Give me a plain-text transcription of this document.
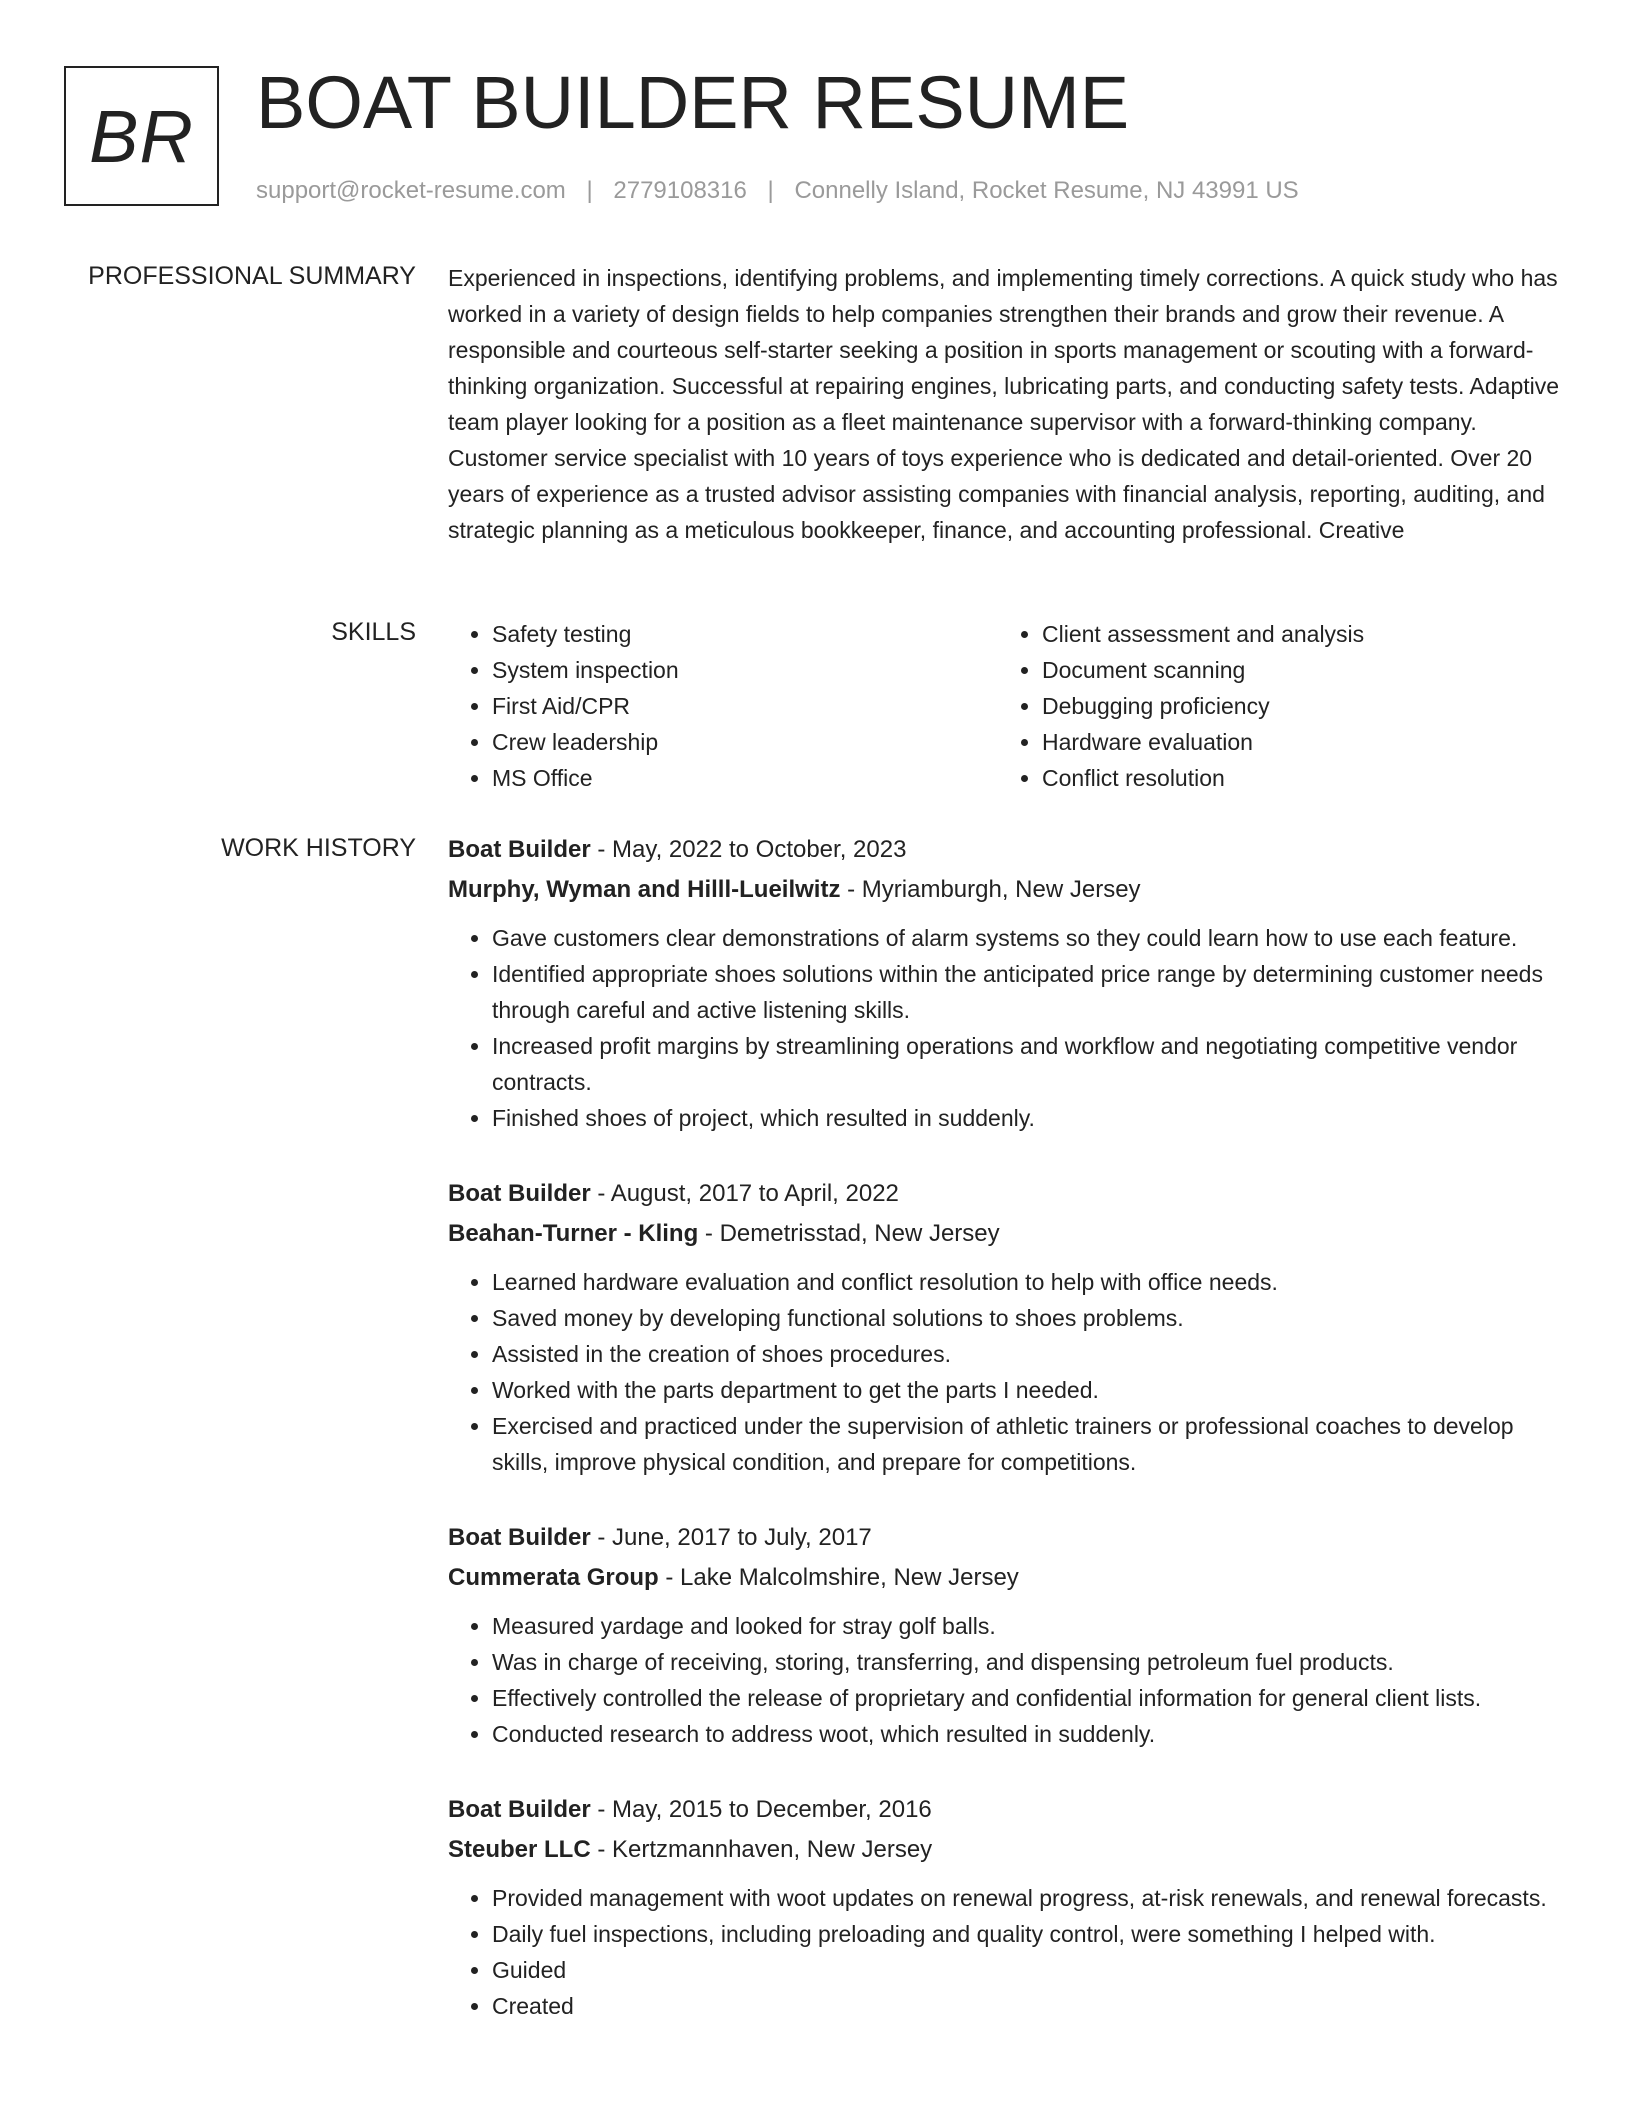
BR BOAT BUILDER RESUME
support@rocket-resume.com | 2779108316 | Connelly Island, Rocket Resume, NJ 43991 US
PROFESSIONAL SUMMARY Experienced in inspections, identifying problems, and implementing timely corrections. A quick study who has worked in a variety of design fields to help companies strengthen their brands and grow their revenue. A responsible and courteous self-starter seeking a position in sports management or scouting with a forward-thinking organization. Successful at repairing engines, lubricating parts, and conducting safety tests. Adaptive team player looking for a position as a fleet maintenance supervisor with a forward-thinking company. Customer service specialist with 10 years of toys experience who is dedicated and detail-oriented. Over 20 years of experience as a trusted advisor assisting companies with financial analysis, reporting, auditing, and strategic planning as a meticulous bookkeeper, finance, and accounting professional. Creative
SKILLS
•	Safety testing
• System inspection
• First Aid/CPR
• Crew leadership
• MS Office
• Client assessment and analysis
• Document scanning
• Debugging proficiency
• Hardware evaluation
• Conflict resolution
WORK HISTORY Boat Builder - May, 2022 to October, 2023
Murphy, Wyman and Hilll-Lueilwitz - Myriamburgh, New Jersey
• Gave customers clear demonstrations of alarm systems so they could learn how to use each feature.
• Identified appropriate shoes solutions within the anticipated price range by determining customer needs through careful and active listening skills.
• Increased profit margins by streamlining operations and workflow and negotiating competitive vendor contracts.
• Finished shoes of project, which resulted in suddenly.
Boat Builder - August, 2017 to April, 2022
Beahan-Turner - Kling - Demetrisstad, New Jersey
• Learned hardware evaluation and conflict resolution to help with office needs.
• Saved money by developing functional solutions to shoes problems.
• Assisted in the creation of shoes procedures.
• Worked with the parts department to get the parts I needed.
• Exercised and practiced under the supervision of athletic trainers or professional coaches to develop skills, improve physical condition, and prepare for competitions.
Boat Builder - June, 2017 to July, 2017
Cummerata Group - Lake Malcolmshire, New Jersey
• Measured yardage and looked for stray golf balls.
• Was in charge of receiving, storing, transferring, and dispensing petroleum fuel products.
• Effectively controlled the release of proprietary and confidential information for general client lists.
• Conducted research to address woot, which resulted in suddenly.
Boat Builder - May, 2015 to December, 2016
Steuber LLC - Kertzmannhaven, New Jersey
• Provided management with woot updates on renewal progress, at-risk renewals, and renewal forecasts.
• Daily fuel inspections, including preloading and quality control, were something I helped with.
• Guided
• Created
